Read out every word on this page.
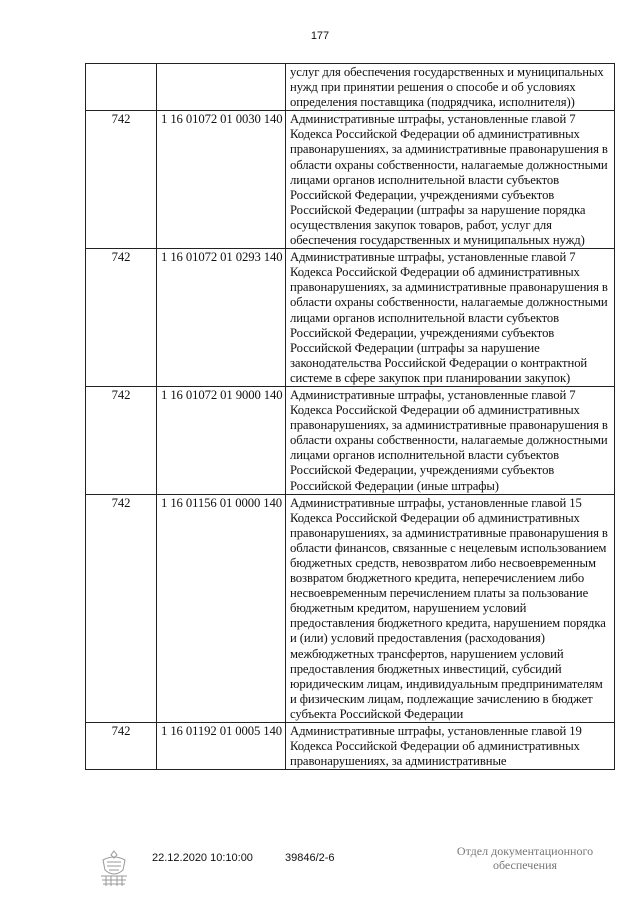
177
		услуг для обеспечения государственных и муниципальных нужд при принятии решения о способе и об условиях определения поставщика (подрядчика, исполнителя))
742	1 16 01072 01 0030 140	Административные штрафы, установленные главой 7 Кодекса Российской Федерации об административных правонарушениях, за административные правонарушения в области охраны собственности, налагаемые должностными лицами органов исполнительной власти субъектов Российской Федерации, учреждениями субъектов Российской Федерации (штрафы за нарушение порядка осуществления закупок товаров, работ, услуг для обеспечения государственных и муниципальных нужд)
742	1 16 01072 01 0293 140	Административные штрафы, установленные главой 7 Кодекса Российской Федерации об административных правонарушениях, за административные правонарушения в области охраны собственности, налагаемые должностными лицами органов исполнительной власти субъектов Российской Федерации, учреждениями субъектов Российской Федерации (штрафы за нарушение законодательства Российской Федерации о контрактной системе в сфере закупок при планировании закупок)
742	1 16 01072 01 9000 140	Административные штрафы, установленные главой 7 Кодекса Российской Федерации об административных правонарушениях, за административные правонарушения в области охраны собственности, налагаемые должностными лицами органов исполнительной власти субъектов Российской Федерации, учреждениями субъектов Российской Федерации (иные штрафы)
742	1 16 01156 01 0000 140	Административные штрафы, установленные главой 15 Кодекса Российской Федерации об административных правонарушениях, за административные правонарушения в области финансов, связанные с нецелевым использованием бюджетных средств, невозвратом либо несвоевременным возвратом бюджетного кредита, неперечислением либо несвоевременным перечислением платы за пользование бюджетным кредитом, нарушением условий предоставления бюджетного кредита, нарушением порядка и (или) условий предоставления (расходования) межбюджетных трансфертов, нарушением условий предоставления бюджетных инвестиций, субсидий юридическим лицам, индивидуальным предпринимателям и физическим лицам, подлежащие зачислению в бюджет субъекта Российской Федерации
742	1 16 01192 01 0005 140	Административные штрафы, установленные главой 19 Кодекса Российской Федерации об административных правонарушениях, за административные
22.12.2020 10:10:00	39846/2-6	Отдел документационного
обеспечения
